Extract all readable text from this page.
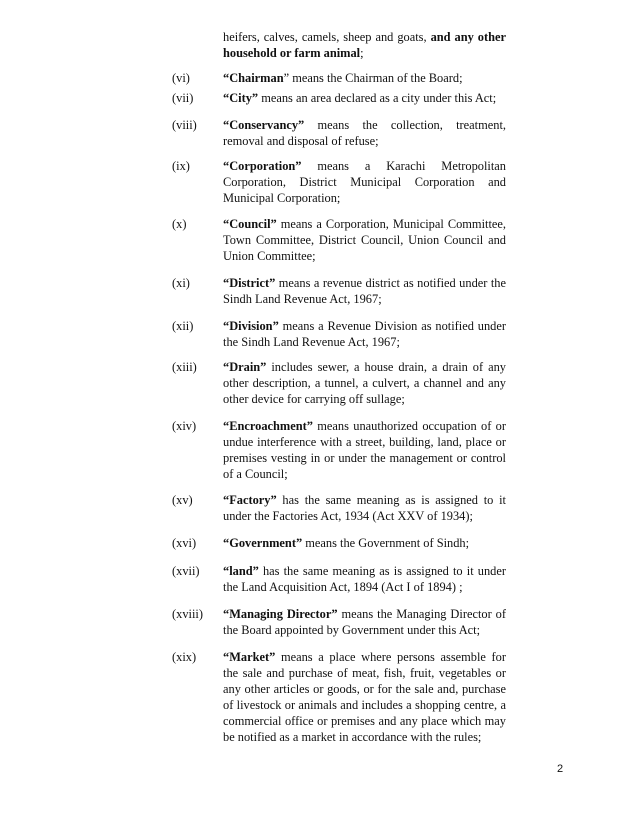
heifers, calves, camels, sheep and goats, and any other household or farm animal;
(vi)	“Chairman” means the Chairman of the Board;
(vii) “City” means an area declared as a city under this Act;
(viii) “Conservancy” means the collection, treatment, removal and disposal of refuse;
(ix)	“Corporation” means a Karachi Metropolitan Corporation, District Municipal Corporation and Municipal Corporation;
(x)	“Council” means a Corporation, Municipal Committee, Town Committee, District Council, Union Council and Union Committee;
(xi)	“District” means a revenue district as notified under the Sindh Land Revenue Act, 1967;
(xii) “Division” means a Revenue Division as notified under the Sindh Land Revenue Act, 1967;
(xiii) “Drain” includes sewer, a house drain, a drain of any other description, a tunnel, a culvert, a channel and any other device for carrying off sullage;
(xiv) “Encroachment” means unauthorized occupation of or undue interference with a street, building, land, place or premises vesting in or under the management or control of a Council;
(xv) “Factory” has the same meaning as is assigned to it under the Factories Act, 1934 (Act XXV of 1934);
(xvi) “Government” means the Government of Sindh;
(xvii) “land” has the same meaning as is assigned to it under the Land Acquisition Act, 1894 (Act I of 1894) ;
(xviii) “Managing Director” means the Managing Director of the Board appointed by Government under this Act;
(xix) “Market” means a place where persons assemble for the sale and purchase of meat, fish, fruit, vegetables or any other articles or goods, or for the sale and, purchase of livestock or animals and includes a shopping centre, a commercial office or premises and any place which may be notified as a market in accordance with the rules;
2
